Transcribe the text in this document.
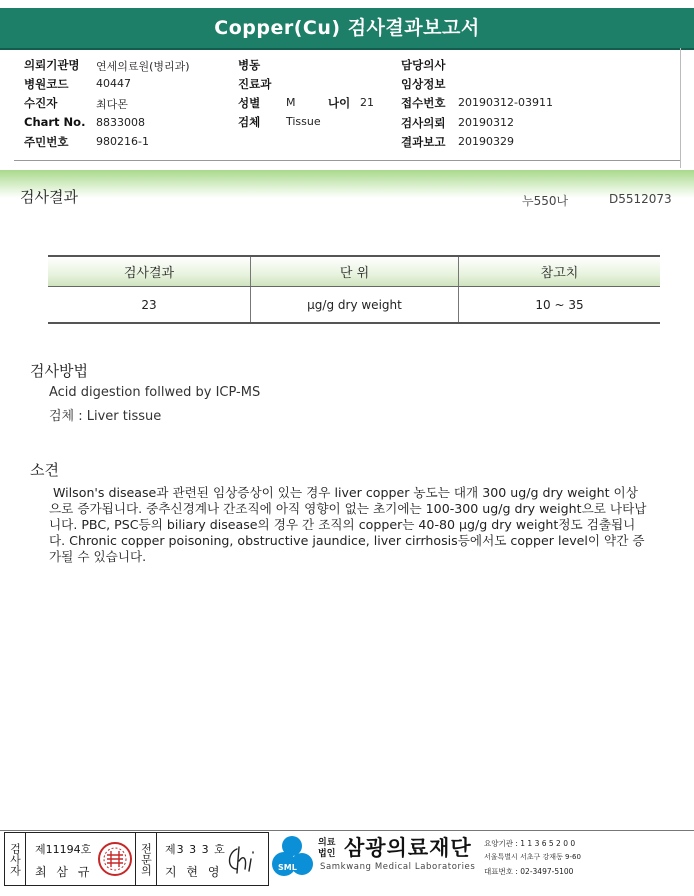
Copper(Cu) 검사결과보고서
의뢰기관명 연세의료원(병리과)
병원코드	40447
수진자	최다몬
Chart No. 8833008
주민번호	980216-1
병동
진료과
성별 M	나이 21
검체 Tissue
담당의사
임상정보
접수번호 20190312-03911
검사의뢰 20190312
결과보고 20190329
검사결과	누550나	D5512073
검사결과	단 위	참고치
23	μg/g dry weight	10 ~ 35
검사방법
Acid digestion follwed by ICP-MS
검체 : Liver tissue
소견
Wilson's disease과 관련된 임상증상이 있는 경우 liver copper 농도는 대개 300 ug/g dry weight 이상으로 증가됩니다. 중추신경계나 간조직에 아직 영향이 없는 초기에는 100-300 ug/g dry weight으로 나타납니다. PBC, PSC등의 biliary disease의 경우 간 조직의 copper는 40-80 μg/g dry weight정도 검출됩니다. Chronic copper poisoning, obstructive jaundice, liver cirrhosis등에서도 copper level이 약간 증가될 수 있습니다.
검사자	제11194호
최 삼 규	전문의	제3 3 3 호
지 현 영	SML
의료
법인 삼광의료재단
Samkwang Medical Laboratories
요양기관 : 1 1 3 6 5 2 0 0
서울특별시 서초구 강재동 9-60
대표번호 : 02-3497-5100
